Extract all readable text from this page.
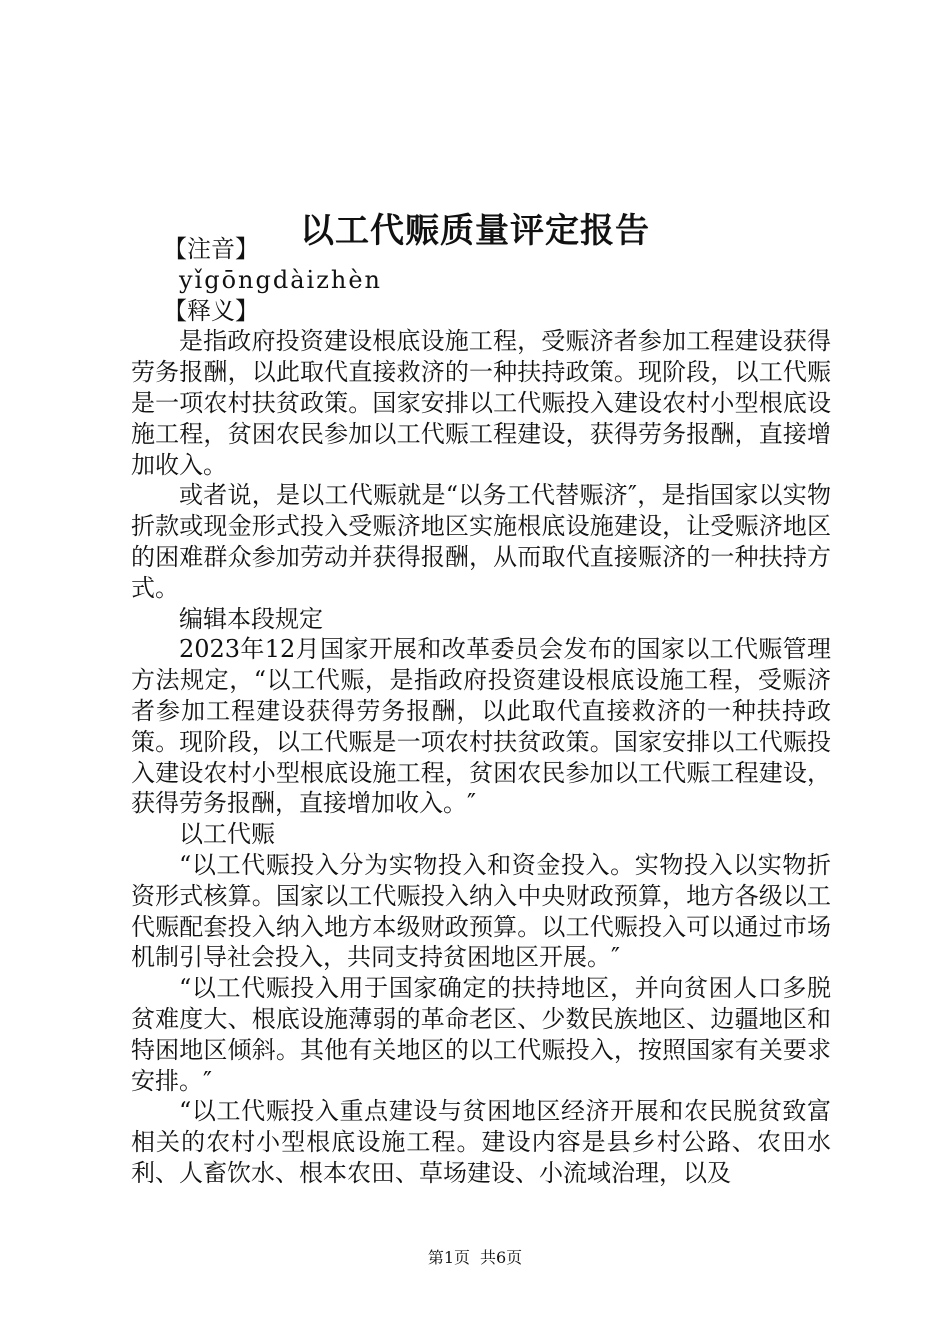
以工代赈质量评定报告

【注音】

yǐgōngdàizhèn

【释义】

是指政府投资建设根底设施工程，受赈济者参加工程建设获得劳务报酬，以此取代直接救济的一种扶持政策。现阶段，以工代赈是一项农村扶贫政策。国家安排以工代赈投入建设农村小型根底设施工程，贫困农民参加以工代赈工程建设，获得劳务报酬，直接增加收入。

或者说，是以工代赈就是“以务工代替赈济″，是指国家以实物折款或现金形式投入受赈济地区实施根底设施建设，让受赈济地区的困难群众参加劳动并获得报酬，从而取代直接赈济的一种扶持方式。

编辑本段规定

2023年12月国家开展和改革委员会发布的国家以工代赈管理方法规定，“以工代赈，是指政府投资建设根底设施工程，受赈济者参加工程建设获得劳务报酬，以此取代直接救济的一种扶持政策。现阶段，以工代赈是一项农村扶贫政策。国家安排以工代赈投入建设农村小型根底设施工程，贫困农民参加以工代赈工程建设，获得劳务报酬，直接增加收入。″

以工代赈

“以工代赈投入分为实物投入和资金投入。实物投入以实物折资形式核算。国家以工代赈投入纳入中央财政预算，地方各级以工代赈配套投入纳入地方本级财政预算。以工代赈投入可以通过市场机制引导社会投入，共同支持贫困地区开展。″

“以工代赈投入用于国家确定的扶持地区，并向贫困人口多脱贫难度大、根底设施薄弱的革命老区、少数民族地区、边疆地区和特困地区倾斜。其他有关地区的以工代赈投入，按照国家有关要求安排。″

“以工代赈投入重点建设与贫困地区经济开展和农民脱贫致富相关的农村小型根底设施工程。建设内容是县乡村公路、农田水利、人畜饮水、根本农田、草场建设、小流域治理，以及

第1页 共6页
